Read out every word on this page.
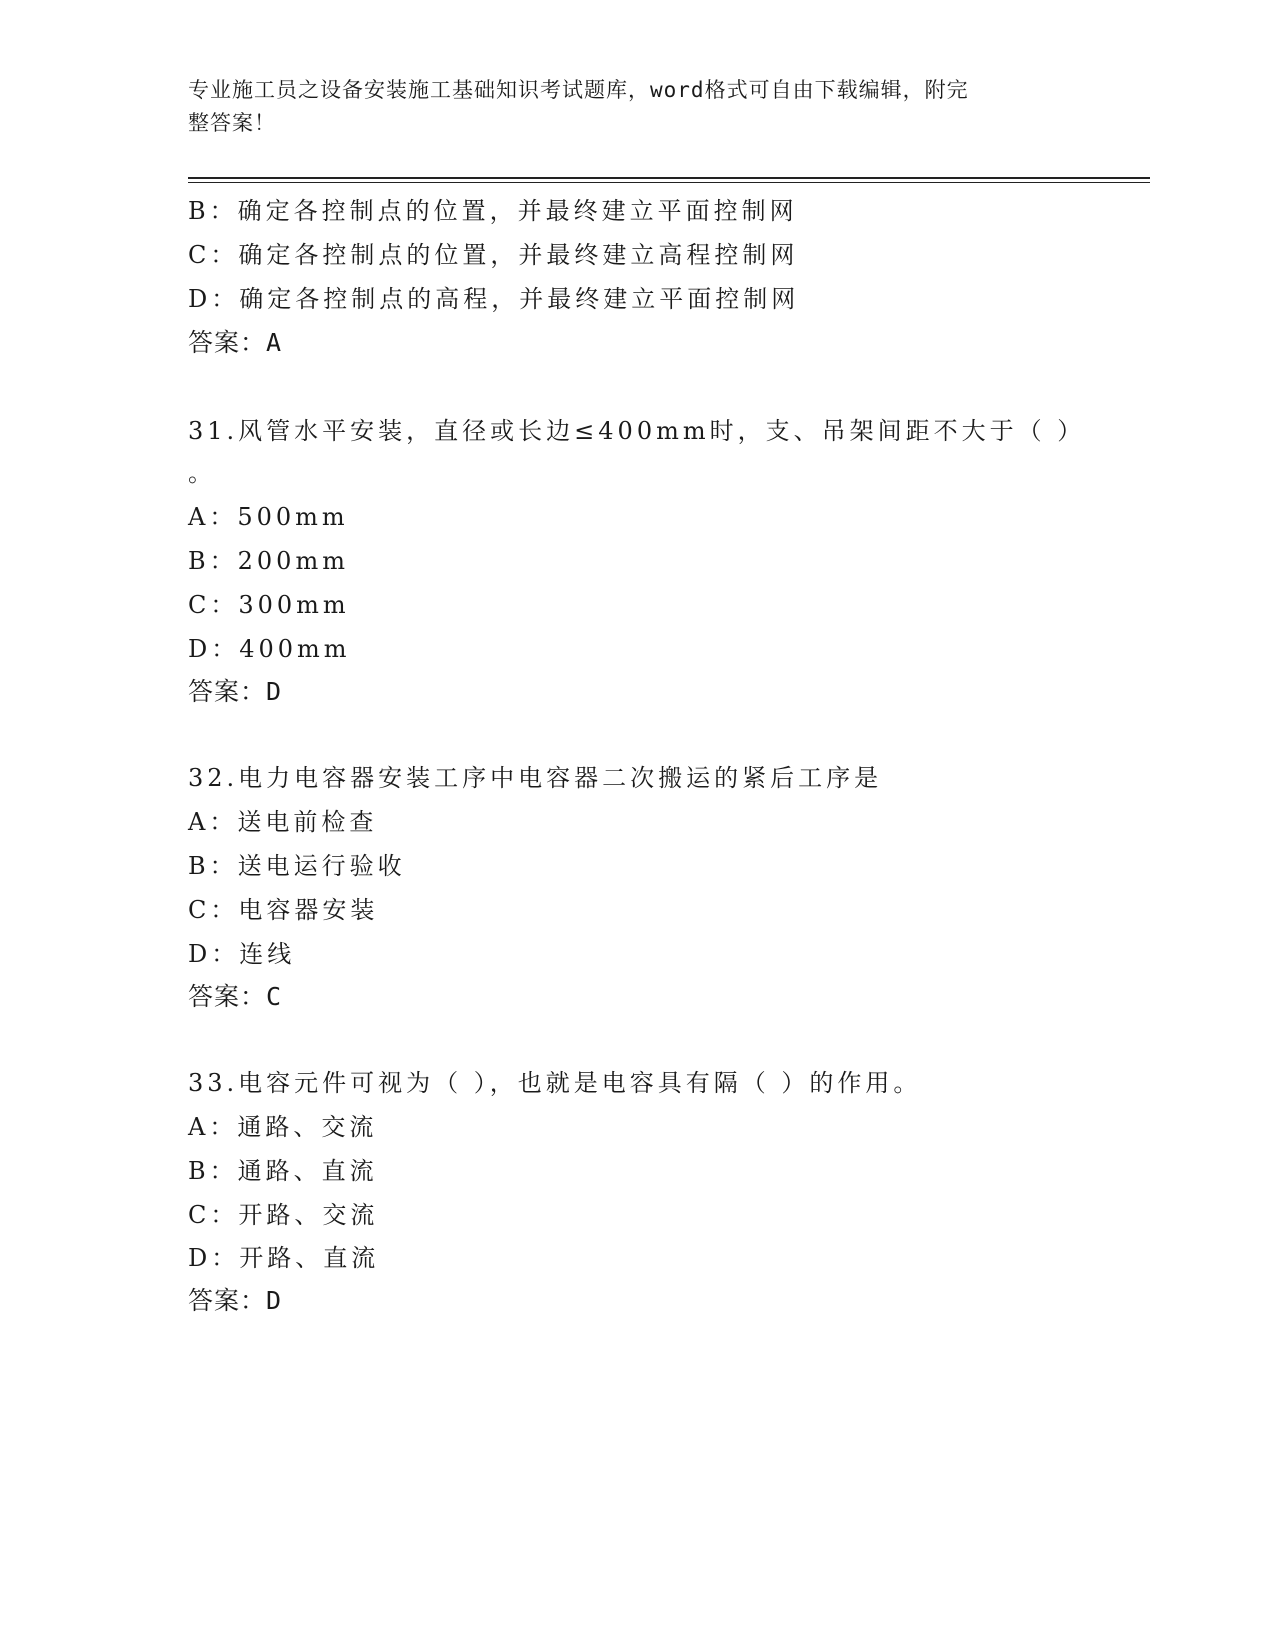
专业施工员之设备安装施工基础知识考试题库，word格式可自由下载编辑，附完
整答案！
B：确定各控制点的位置，并最终建立平面控制网
C：确定各控制点的位置，并最终建立高程控制网
D：确定各控制点的高程，并最终建立平面控制网
答案：A
31.风管水平安装，直径或长边≤400mm时，支、吊架间距不大于（ ）
。
A：500mm
B：200mm
C：300mm
D：400mm
答案：D
32.电力电容器安装工序中电容器二次搬运的紧后工序是
A：送电前检查
B：送电运行验收
C：电容器安装
D：连线
答案：C
33.电容元件可视为（ ），也就是电容具有隔（ ）的作用。
A：通路、交流
B：通路、直流
C：开路、交流
D：开路、直流
答案：D
